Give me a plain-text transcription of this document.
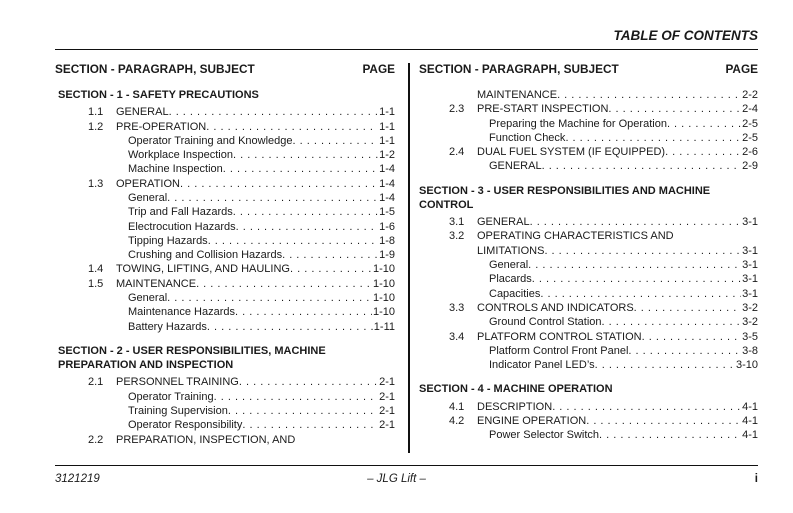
TABLE OF CONTENTS
SECTION - PARAGRAPH, SUBJECT	PAGE
SECTION - 1 - SAFETY PRECAUTIONS
1.1 GENERAL . . .	1-1
1.2 PRE-OPERATION . . .	1-1
Operator Training and Knowledge . . .	1-1
Workplace Inspection . . .	1-2
Machine Inspection . . .	1-4
1.3 OPERATION . . .	1-4
General . . .	1-4
Trip and Fall Hazards . . .	1-5
Electrocution Hazards . . .	1-6
Tipping Hazards . . .	1-8
Crushing and Collision Hazards . . .	1-9
1.4 TOWING, LIFTING, AND HAULING . . .	1-10
1.5 MAINTENANCE . . .	1-10
General . . .	1-10
Maintenance Hazards . . .	1-10
Battery Hazards . . .	1-11
SECTION - 2 - USER RESPONSIBILITIES, MACHINE PREPARATION AND INSPECTION
2.1 PERSONNEL TRAINING . . .	2-1
Operator Training . . .	2-1
Training Supervision . . .	2-1
Operator Responsibility . . .	2-1
2.2 PREPARATION, INSPECTION, AND
SECTION - PARAGRAPH, SUBJECT	PAGE
MAINTENANCE . . .	2-2
2.3 PRE-START INSPECTION . . .	2-4
Preparing the Machine for Operation . . .	2-5
Function Check . . .	2-5
2.4 DUAL FUEL SYSTEM (IF EQUIPPED) . . .	2-6
GENERAL . . .	2-9
SECTION - 3 - USER RESPONSIBILITIES AND MACHINE CONTROL
3.1 GENERAL . . .	3-1
3.2 OPERATING CHARACTERISTICS AND
LIMITATIONS . . .	3-1
General . . .	3-1
Placards . . .	3-1
Capacities . . .	3-1
3.3 CONTROLS AND INDICATORS . . .	3-2
Ground Control Station . . .	3-2
3.4 PLATFORM CONTROL STATION . . .	3-5
Platform Control Front Panel . . .	3-8
Indicator Panel LED’s . . .	3-10
SECTION - 4 - MACHINE OPERATION
4.1 DESCRIPTION . . .	4-1
4.2 ENGINE OPERATION . . .	4-1
Power Selector Switch . . .	4-1
3121219	– JLG Lift –	i
